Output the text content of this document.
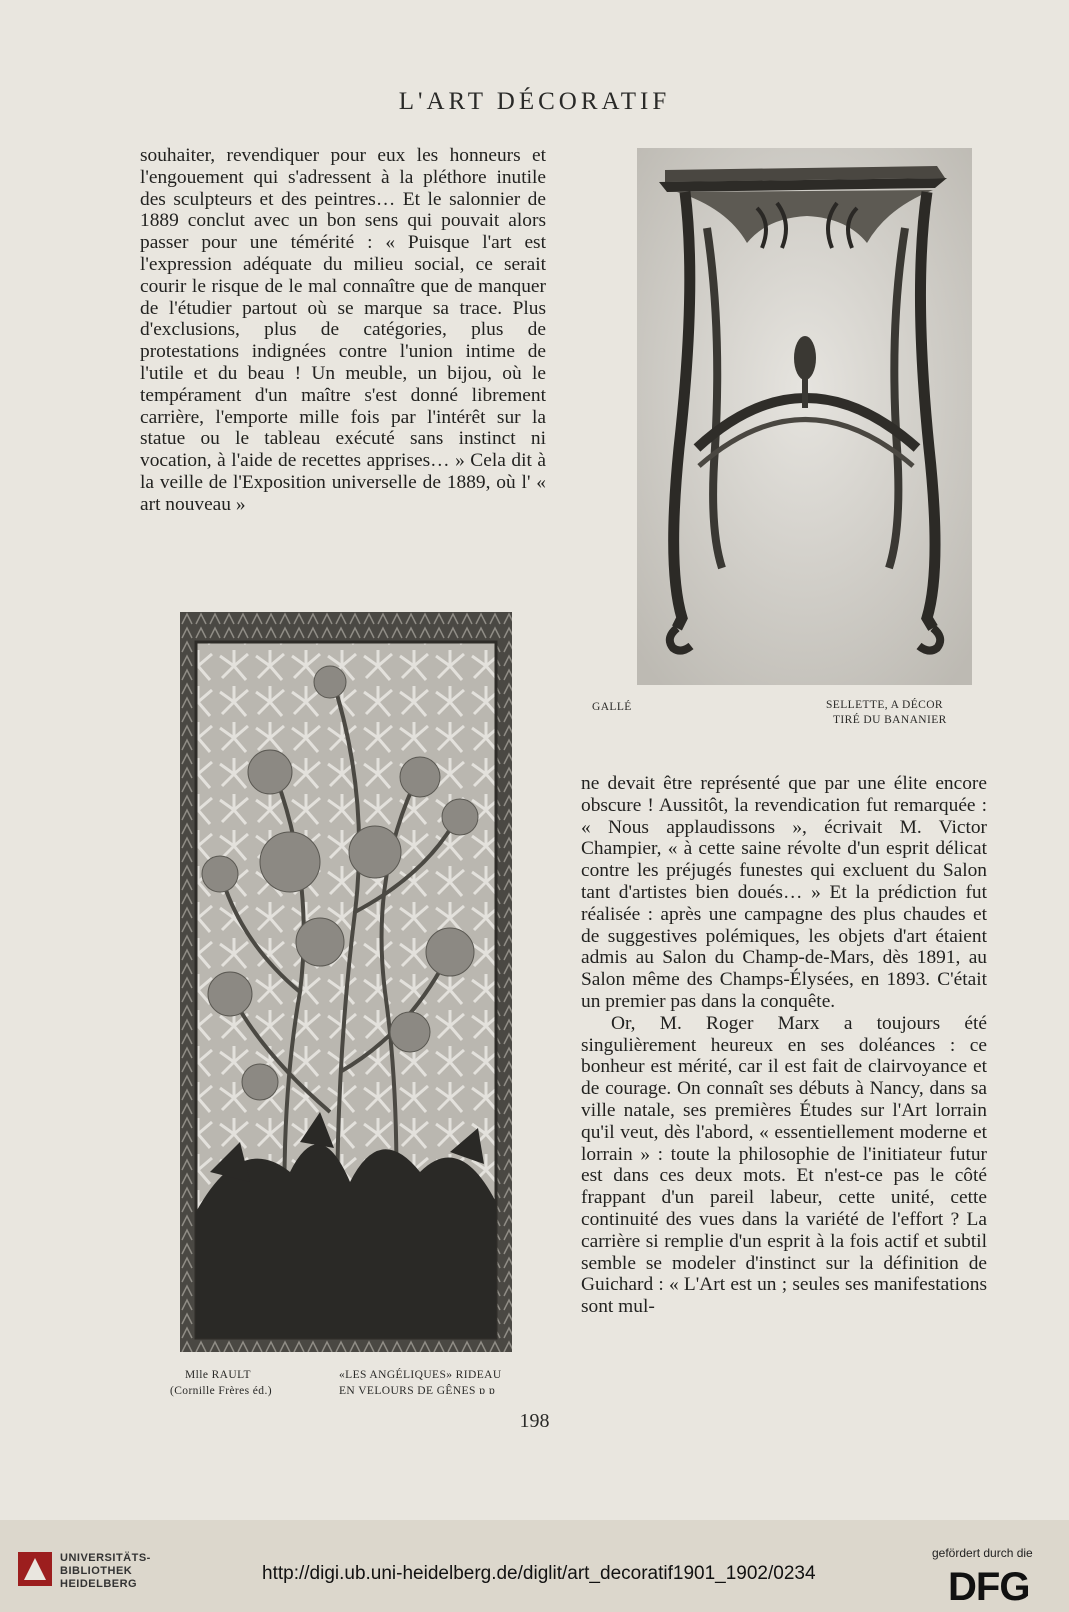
L'ART DÉCORATIF

souhaiter, revendiquer pour eux les honneurs et l'engouement qui s'adressent à la pléthore inutile des sculpteurs et des peintres… Et le salonnier de 1889 conclut avec un bon sens qui pouvait alors passer pour une témérité : « Puisque l'art est l'expression adéquate du milieu social, ce serait courir le risque de le mal connaître que de manquer de l'étudier partout où se marque sa trace. Plus d'exclusions, plus de catégories, plus de protestations indignées contre l'union intime de l'utile et du beau ! Un meuble, un bijou, où le tempérament d'un maître s'est donné librement carrière, l'emporte mille fois par l'intérêt sur la statue ou le tableau exécuté sans instinct ni vocation, à l'aide de recettes apprises… » Cela dit à la veille de l'Exposition universelle de 1889, où l' « art nouveau »

GALLÉ	SELLETTE, A DÉCOR
TIRÉ DU BANANIER
Mlle RAULT
(Cornille Frères éd.)
«LES ANGÉLIQUES» RIDEAU
EN VELOURS DE GÊNES ɒ ɒ

ne devait être représenté que par une élite encore obscure ! Aussitôt, la revendication fut remarquée : « Nous applaudissons », écrivait M. Victor Champier, « à cette saine révolte d'un esprit délicat contre les préjugés funestes qui excluent du Salon tant d'artistes bien doués… » Et la prédiction fut réalisée : après une campagne des plus chaudes et de suggestives polémiques, les objets d'art étaient admis au Salon du Champ-de-Mars, dès 1891, au Salon même des Champs-Élysées, en 1893. C'était un premier pas dans la conquête.

Or, M. Roger Marx a toujours été singulièrement heureux en ses doléances : ce bonheur est mérité, car il est fait de clairvoyance et de courage. On connaît ses débuts à Nancy, dans sa ville natale, ses premières Études sur l'Art lorrain qu'il veut, dès l'abord, « essentiellement moderne et lorrain » : toute la philosophie de l'initiateur futur est dans ces deux mots. Et n'est-ce pas le côté frappant d'un pareil labeur, cette unité, cette continuité des vues dans la variété de l'effort ? La carrière si remplie d'un esprit à la fois actif et subtil semble se modeler d'instinct sur la définition de Guichard : « L'Art est un ; seules ses manifestations sont mul-

198
UNIVERSITÄTS-
BIBLIOTHEK
HEIDELBERG	http://digi.ub.uni-heidelberg.de/diglit/art_decoratif1901_1902/0234
gefördert durch die
DFG
